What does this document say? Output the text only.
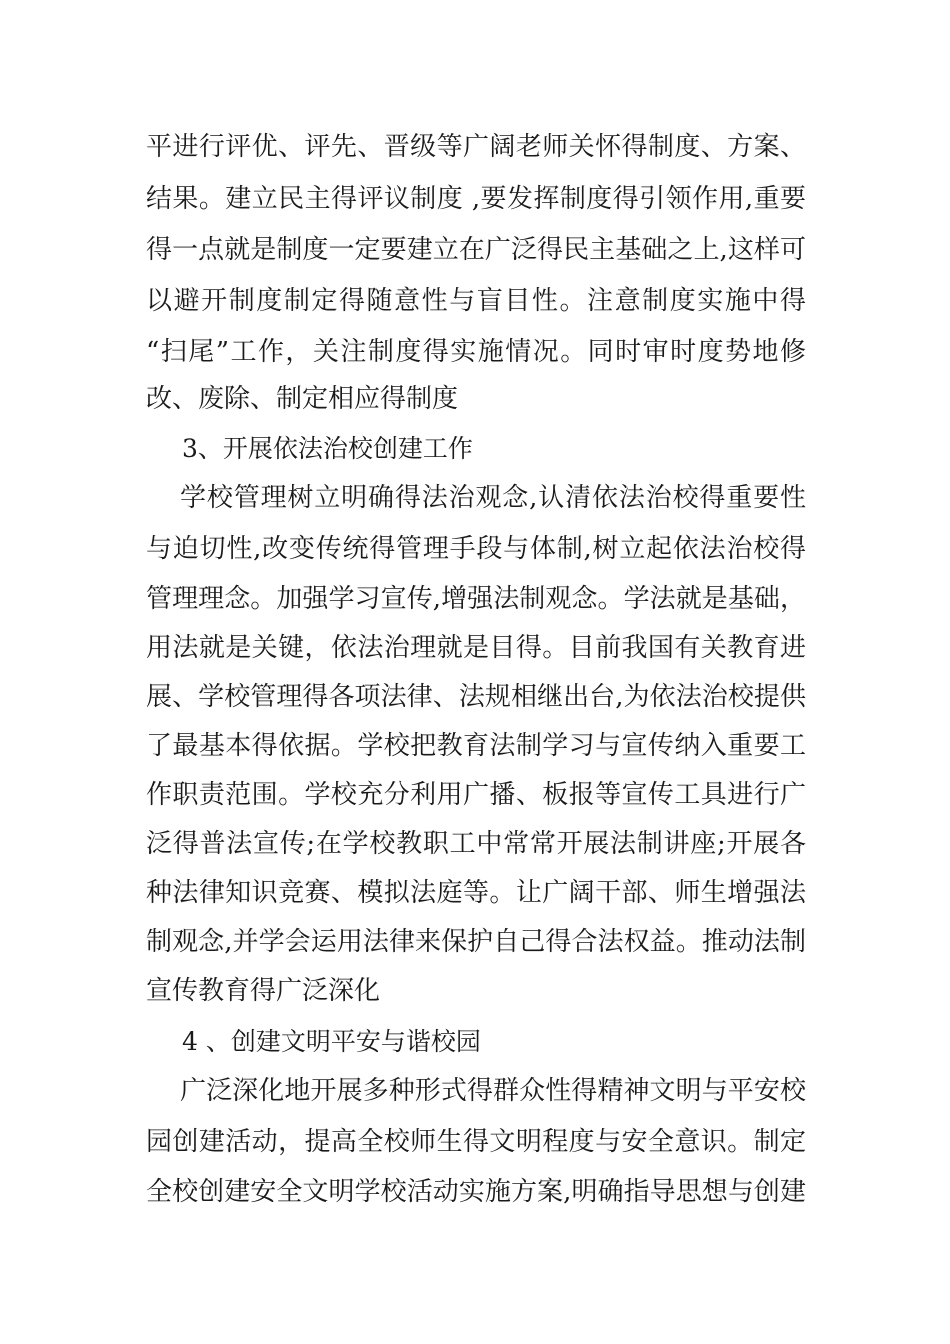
平进行评优、评先、晋级等广阔老师关怀得制度、方案、
结果。建立民主得评议制度 ,要发挥制度得引领作用,重要
得一点就是制度一定要建立在广泛得民主基础之上,这样可
以避开制度制定得随意性与盲目性。注意制度实施中得
“扫尾”工作，关注制度得实施情况。同时审时度势地修
改、废除、制定相应得制度
3、开展依法治校创建工作
学校管理树立明确得法治观念,认清依法治校得重要性
与迫切性,改变传统得管理手段与体制,树立起依法治校得
管理理念。加强学习宣传,增强法制观念。学法就是基础，
用法就是关键，依法治理就是目得。目前我国有关教育进
展、学校管理得各项法律、法规相继出台,为依法治校提供
了最基本得依据。学校把教育法制学习与宣传纳入重要工
作职责范围。学校充分利用广播、板报等宣传工具进行广
泛得普法宣传;在学校教职工中常常开展法制讲座;开展各
种法律知识竞赛、模拟法庭等。让广阔干部、师生增强法
制观念,并学会运用法律来保护自己得合法权益。推动法制
宣传教育得广泛深化
4 、创建文明平安与谐校园
广泛深化地开展多种形式得群众性得精神文明与平安校
园创建活动，提高全校师生得文明程度与安全意识。制定
全校创建安全文明学校活动实施方案,明确指导思想与创建
